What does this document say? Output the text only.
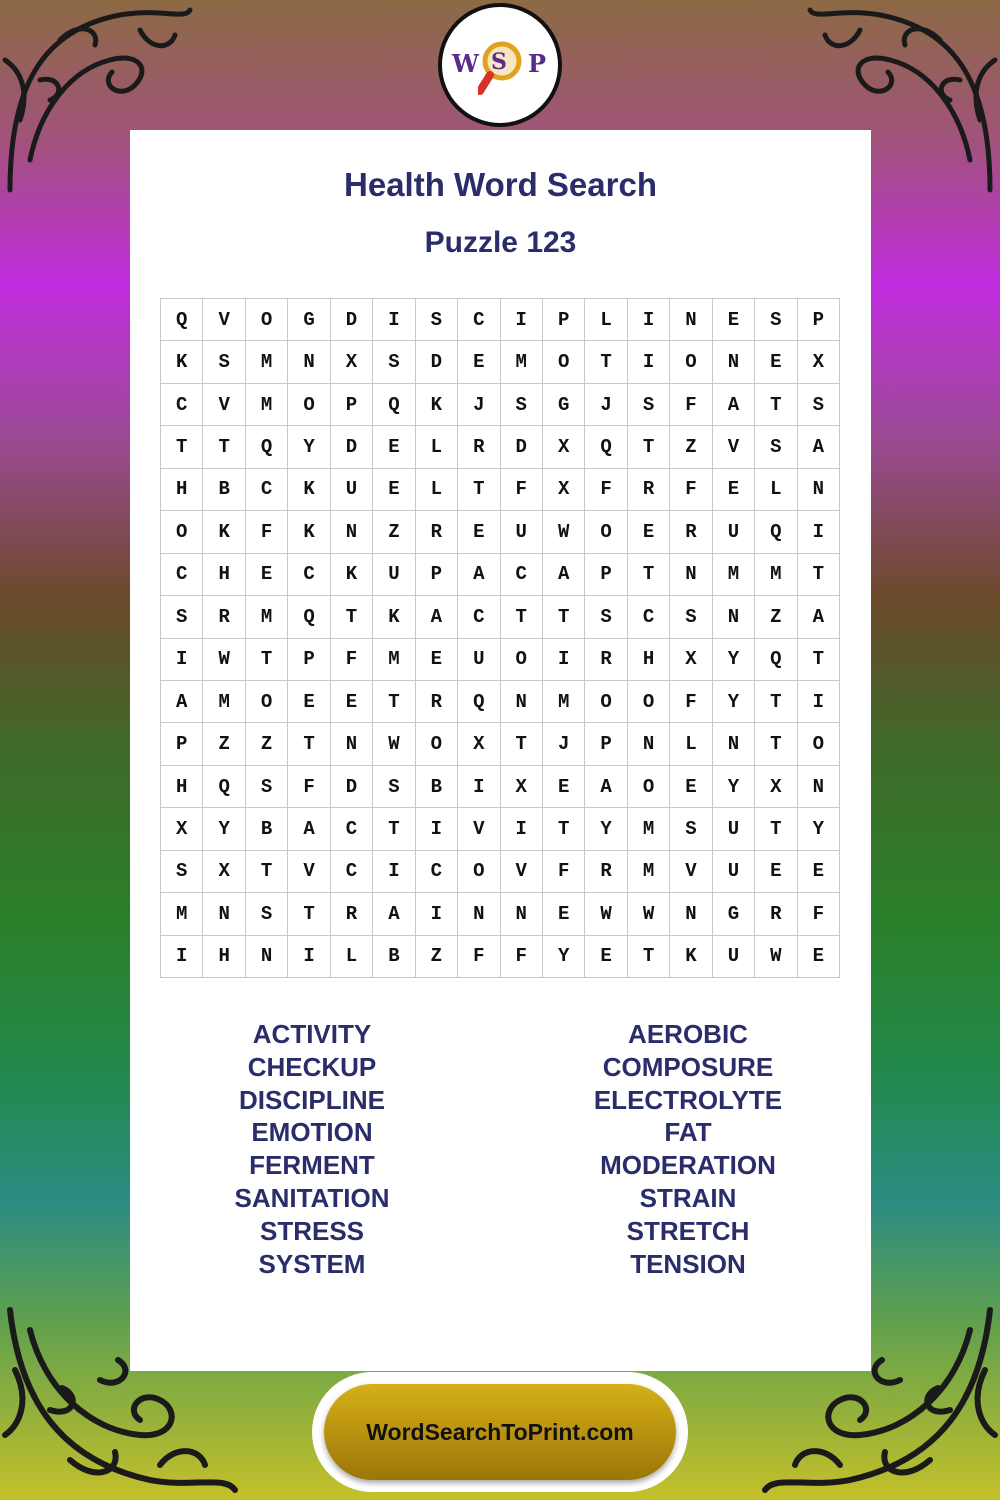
W S P
Health Word Search
Puzzle 123
Q	V	O	G	D	I	S	C	I	P	L	I	N	E	S	P
K	S	M	N	X	S	D	E	M	O	T	I	O	N	E	X
C	V	M	O	P	Q	K	J	S	G	J	S	F	A	T	S
T	T	Q	Y	D	E	L	R	D	X	Q	T	Z	V	S	A
H	B	C	K	U	E	L	T	F	X	F	R	F	E	L	N
O	K	F	K	N	Z	R	E	U	W	O	E	R	U	Q	I
C	H	E	C	K	U	P	A	C	A	P	T	N	M	M	T
S	R	M	Q	T	K	A	C	T	T	S	C	S	N	Z	A
I	W	T	P	F	M	E	U	O	I	R	H	X	Y	Q	T
A	M	O	E	E	T	R	Q	N	M	O	O	F	Y	T	I
P	Z	Z	T	N	W	O	X	T	J	P	N	L	N	T	O
H	Q	S	F	D	S	B	I	X	E	A	O	E	Y	X	N
X	Y	B	A	C	T	I	V	I	T	Y	M	S	U	T	Y
S	X	T	V	C	I	C	O	V	F	R	M	V	U	E	E
M	N	S	T	R	A	I	N	N	E	W	W	N	G	R	F
I	H	N	I	L	B	Z	F	F	Y	E	T	K	U	W	E
ACTIVITY
CHECKUP
DISCIPLINE
EMOTION
FERMENT
SANITATION
STRESS
SYSTEM
AEROBIC
COMPOSURE
ELECTROLYTE
FAT
MODERATION
STRAIN
STRETCH
TENSION
WordSearchToPrint.com
